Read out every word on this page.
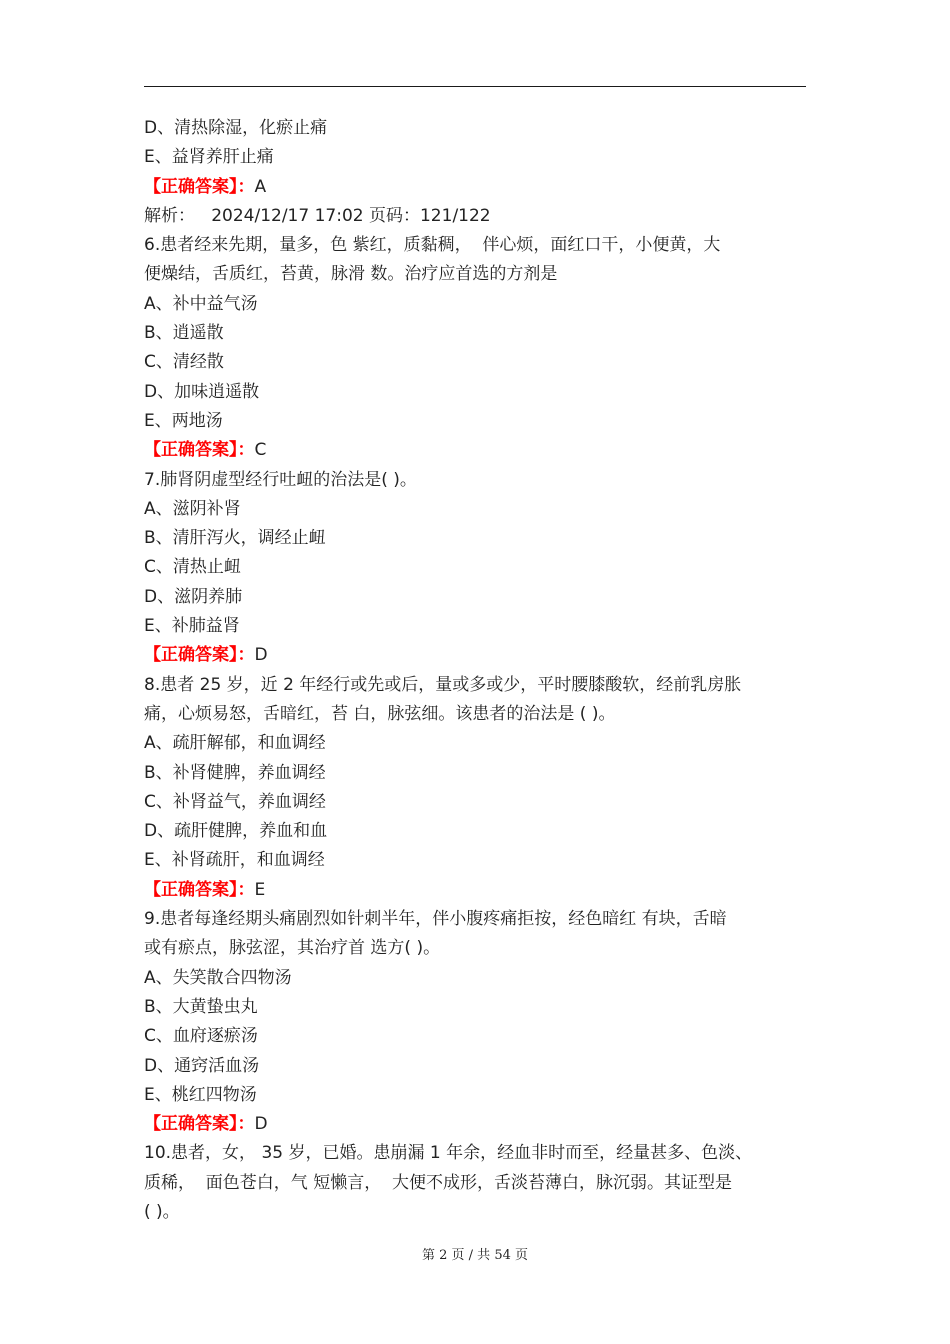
D、清热除湿，化瘀止痛
E、益肾养肝止痛
【正确答案】：A
解析：   2024/12/17 17:02 页码：121/122
6.患者经来先期，量多，色 紫红，质黏稠，  伴心烦，面红口干，小便黄，大
便燥结，舌质红，苔黄，脉滑 数。治疗应首选的方剂是
A、补中益气汤
B、逍遥散
C、清经散
D、加味逍遥散
E、两地汤
【正确答案】：C
7.肺肾阴虚型经行吐衄的治法是( )。
A、滋阴补肾
B、清肝泻火，调经止衄
C、清热止衄
D、滋阴养肺
E、补肺益肾
【正确答案】：D
8.患者 25 岁，近 2 年经行或先或后，量或多或少，平时腰膝酸软，经前乳房胀
痛，心烦易怒，舌暗红，苔 白，脉弦细。该患者的治法是 ( )。
A、疏肝解郁，和血调经
B、补肾健脾，养血调经
C、补肾益气，养血调经
D、疏肝健脾，养血和血
E、补肾疏肝，和血调经
【正确答案】：E
9.患者每逢经期头痛剧烈如针刺半年，伴小腹疼痛拒按，经色暗红 有块，舌暗
或有瘀点，脉弦涩，其治疗首 选方( )。
A、失笑散合四物汤
B、大黄蛰虫丸
C、血府逐瘀汤
D、通窍活血汤
E、桃红四物汤
【正确答案】：D
10.患者，女， 35 岁，已婚。患崩漏 1 年余，经血非时而至，经量甚多、色淡、
质稀，  面色苍白，气 短懒言，  大便不成形，舌淡苔薄白，脉沉弱。其证型是
( )。
第 2 页 / 共 54 页
